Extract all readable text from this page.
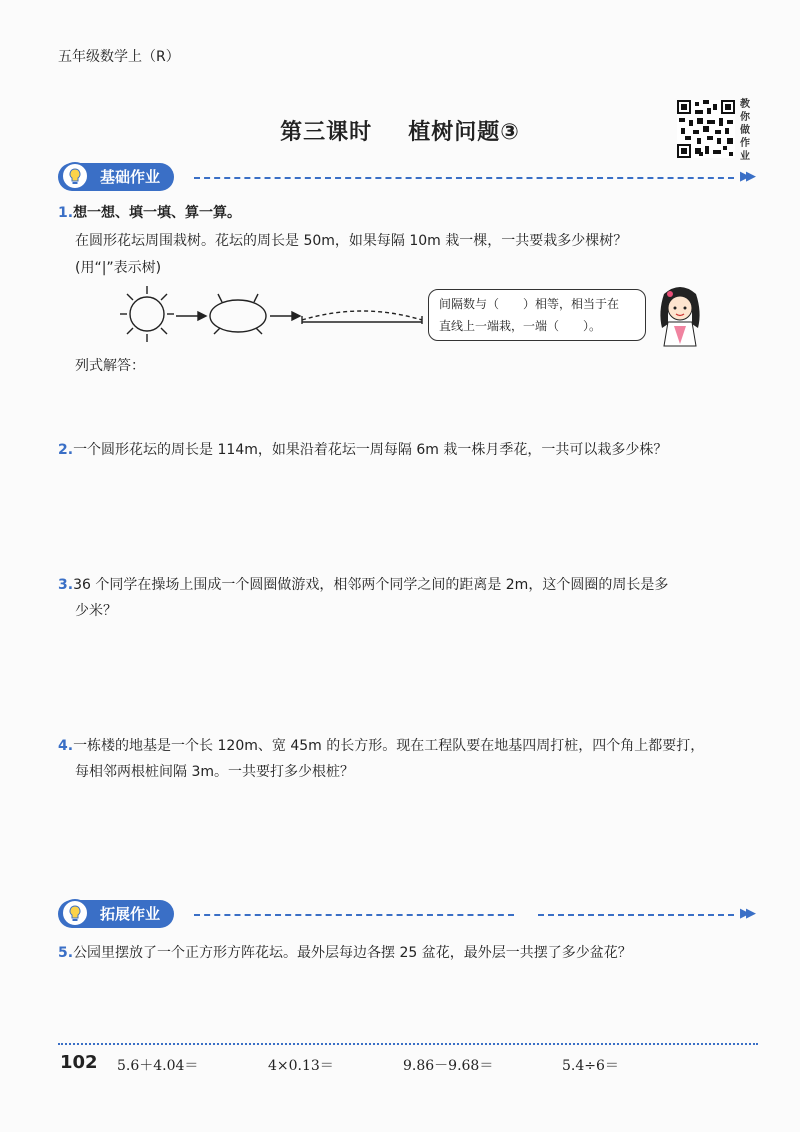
五年级数学上（R）
第三课时 植树问题③
教
你
做
作
业
基础作业	▶▶
1.想一想、填一填、算一算。
在圆形花坛周围栽树。花坛的周长是 50m，如果每隔 10m 栽一棵，一共要栽多少棵树？
(用“|”表示树)
间隔数与（　　）相等，相当于在
直线上一端栽，一端（　　）。
列式解答：
2.一个圆形花坛的周长是 114m，如果沿着花坛一周每隔 6m 栽一株月季花，一共可以栽多少株？
3.36 个同学在操场上围成一个圆圈做游戏，相邻两个同学之间的距离是 2m，这个圆圈的周长是多
少米？
4.一栋楼的地基是一个长 120m、宽 45m 的长方形。现在工程队要在地基四周打桩，四个角上都要打，
每相邻两根桩间隔 3m。一共要打多少根桩？
拓展作业	▶▶
5.公园里摆放了一个正方形方阵花坛。最外层每边各摆 25 盆花，最外层一共摆了多少盆花？
102 5.6＋4.04＝	4×0.13＝	9.86－9.68＝	5.4÷6＝
